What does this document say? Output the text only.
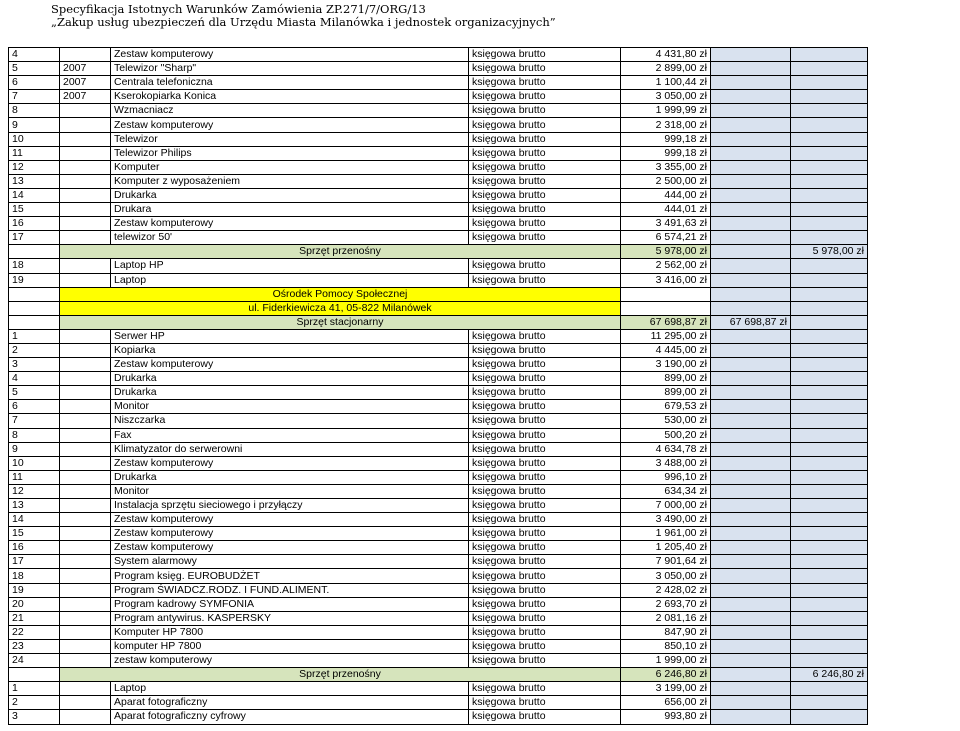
Specyfikacja Istotnych Warunków Zamówienia ZP.271/7/ORG/13
„Zakup usług ubezpieczeń dla Urzędu Miasta Milanówka i jednostek organizacyjnych”
4		Zestaw komputerowy	księgowa brutto	4 431,80 zł		
5	2007	Telewizor "Sharp"	księgowa brutto	2 899,00 zł		
6	2007	Centrala telefoniczna	księgowa brutto	1 100,44 zł		
7	2007	Kserokopiarka Konica	księgowa brutto	3 050,00 zł		
8		Wzmacniacz	księgowa brutto	1 999,99 zł		
9		Zestaw komputerowy	księgowa brutto	2 318,00 zł		
10		Telewizor	księgowa brutto	999,18 zł		
11		Telewizor Philips	księgowa brutto	999,18 zł		
12		Komputer	księgowa brutto	3 355,00 zł		
13		Komputer z wyposażeniem	księgowa brutto	2 500,00 zł		
14		Drukarka	księgowa brutto	444,00 zł		
15		Drukara	księgowa brutto	444,01 zł		
16		Zestaw komputerowy	księgowa brutto	3 491,63 zł		
17		telewizor 50'	księgowa brutto	6 574,21 zł		
	Sprzęt przenośny			5 978,00 zł		5 978,00 zł
18		Laptop HP	księgowa brutto	2 562,00 zł		
19		Laptop	księgowa brutto	3 416,00 zł		
	Ośrodek Pomocy Społecznej					
	ul. Fiderkiewicza 41, 05-822 Milanówek					
	Sprzęt stacjonarny			67 698,87 zł	67 698,87 zł	
1		Serwer HP	księgowa brutto	11 295,00 zł		
2		Kopiarka	księgowa brutto	4 445,00 zł		
3		Zestaw komputerowy	księgowa brutto	3 190,00 zł		
4		Drukarka	księgowa brutto	899,00 zł		
5		Drukarka	księgowa brutto	899,00 zł		
6		Monitor	księgowa brutto	679,53 zł		
7		Niszczarka	księgowa brutto	530,00 zł		
8		Fax	księgowa brutto	500,20 zł		
9		Klimatyzator do serwerowni	księgowa brutto	4 634,78 zł		
10		Zestaw komputerowy	księgowa brutto	3 488,00 zł		
11		Drukarka	księgowa brutto	996,10 zł		
12		Monitor	księgowa brutto	634,34 zł		
13		Instalacja sprzętu sieciowego i przyłączy	księgowa brutto	7 000,00 zł		
14		Zestaw komputerowy	księgowa brutto	3 490,00 zł		
15		Zestaw komputerowy	księgowa brutto	1 961,00 zł		
16		Zestaw komputerowy	księgowa brutto	1 205,40 zł		
17		System alarmowy	księgowa brutto	7 901,64 zł		
18		Program księg. EUROBUDŻET	księgowa brutto	3 050,00 zł		
19		Program ŚWIADCZ.RODZ. I FUND.ALIMENT.	księgowa brutto	2 428,02 zł		
20		Program kadrowy SYMFONIA	księgowa brutto	2 693,70 zł		
21		Program antywirus. KASPERSKY	księgowa brutto	2 081,16 zł		
22		Komputer HP 7800	księgowa brutto	847,90 zł		
23		komputer HP 7800	księgowa brutto	850,10 zł		
24		zestaw komputerowy	księgowa brutto	1 999,00 zł		
	Sprzęt przenośny			6 246,80 zł		6 246,80 zł
1		Laptop	księgowa brutto	3 199,00 zł		
2		Aparat fotograficzny	księgowa brutto	656,00 zł		
3		Aparat fotograficzny cyfrowy	księgowa brutto	993,80 zł		
